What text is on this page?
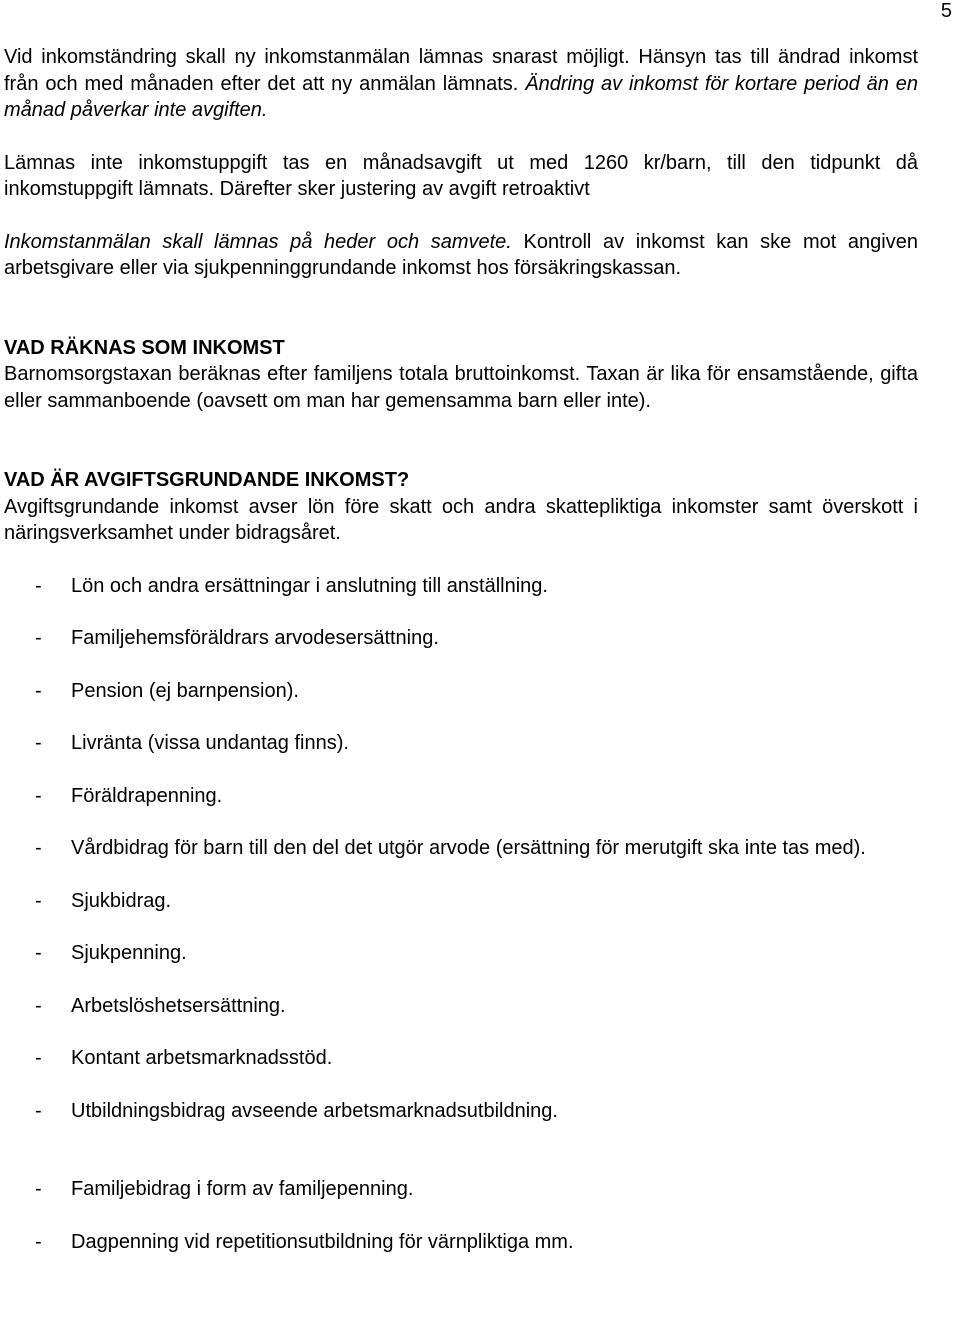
5

Vid inkomständring skall ny inkomstanmälan lämnas snarast möjligt. Hänsyn tas till ändrad inkomst från och med månaden efter det att ny anmälan lämnats. Ändring av inkomst för kortare period än en månad påverkar inte avgiften.

Lämnas inte inkomstuppgift tas en månadsavgift ut med 1260 kr/barn, till den tidpunkt då inkomstuppgift lämnats. Därefter sker justering av avgift retroaktivt

Inkomstanmälan skall lämnas på heder och samvete. Kontroll av inkomst kan ske mot angiven arbetsgivare eller via sjukpenninggrundande inkomst hos försäkringskassan.

VAD RÄKNAS SOM INKOMST

Barnomsorgstaxan beräknas efter familjens totala bruttoinkomst. Taxan är lika för ensamstående, gifta eller sammanboende (oavsett om man har gemensamma barn eller inte).

VAD ÄR AVGIFTSGRUNDANDE INKOMST?

Avgiftsgrundande inkomst avser lön före skatt och andra skattepliktiga inkomster samt överskott i näringsverksamhet under bidragsåret.

- Lön och andra ersättningar i anslutning till anställning.
- Familjehemsföräldrars arvodesersättning.
- Pension (ej barnpension).
- Livränta (vissa undantag finns).
- Föräldrapenning.
- Vårdbidrag för barn till den del det utgör arvode (ersättning för merutgift ska inte tas med).
- Sjukbidrag.
- Sjukpenning.
- Arbetslöshetsersättning.
- Kontant arbetsmarknadsstöd.
- Utbildningsbidrag avseende arbetsmarknadsutbildning.
- Familjebidrag i form av familjepenning.
- Dagpenning vid repetitionsutbildning för värnpliktiga mm.
